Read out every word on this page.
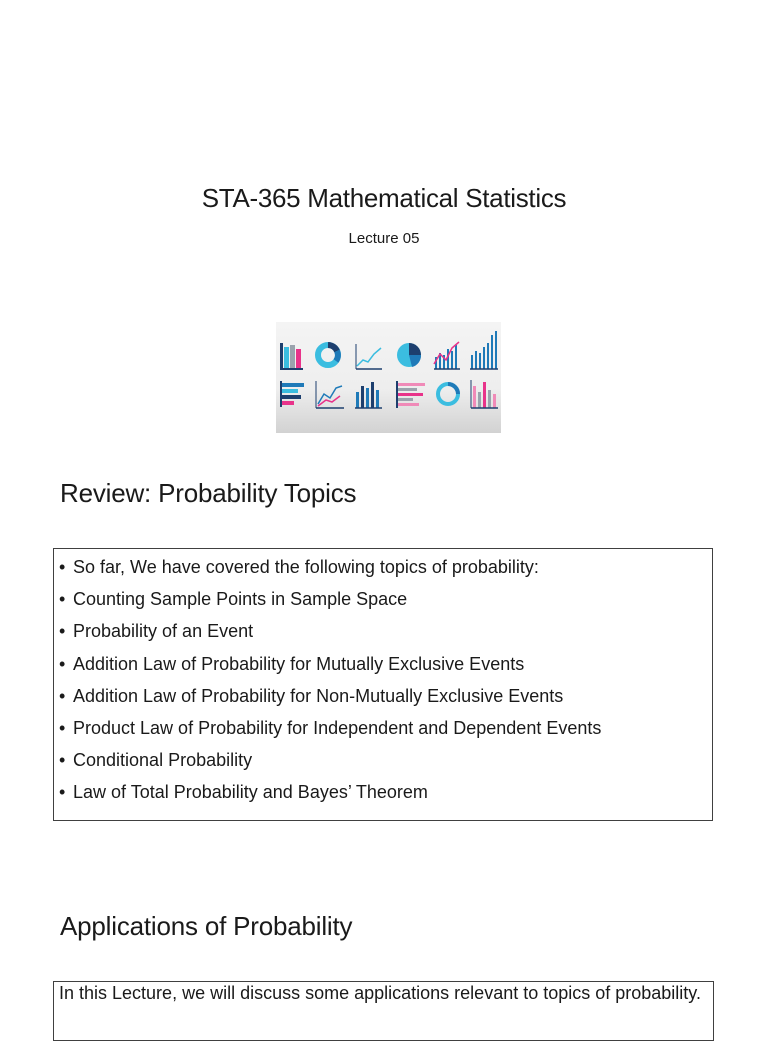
STA-365 Mathematical Statistics
Lecture 05
Review: Probability Topics
• So far, We have covered the following topics of probability:
• Counting Sample Points in Sample Space
• Probability of an Event
• Addition Law of Probability for Mutually Exclusive Events
• Addition Law of Probability for Non-Mutually Exclusive Events
• Product Law of Probability for Independent and Dependent Events
• Conditional Probability
• Law of Total Probability and Bayes’ Theorem
Applications of Probability
In this Lecture, we will discuss some applications relevant to topics of probability.
